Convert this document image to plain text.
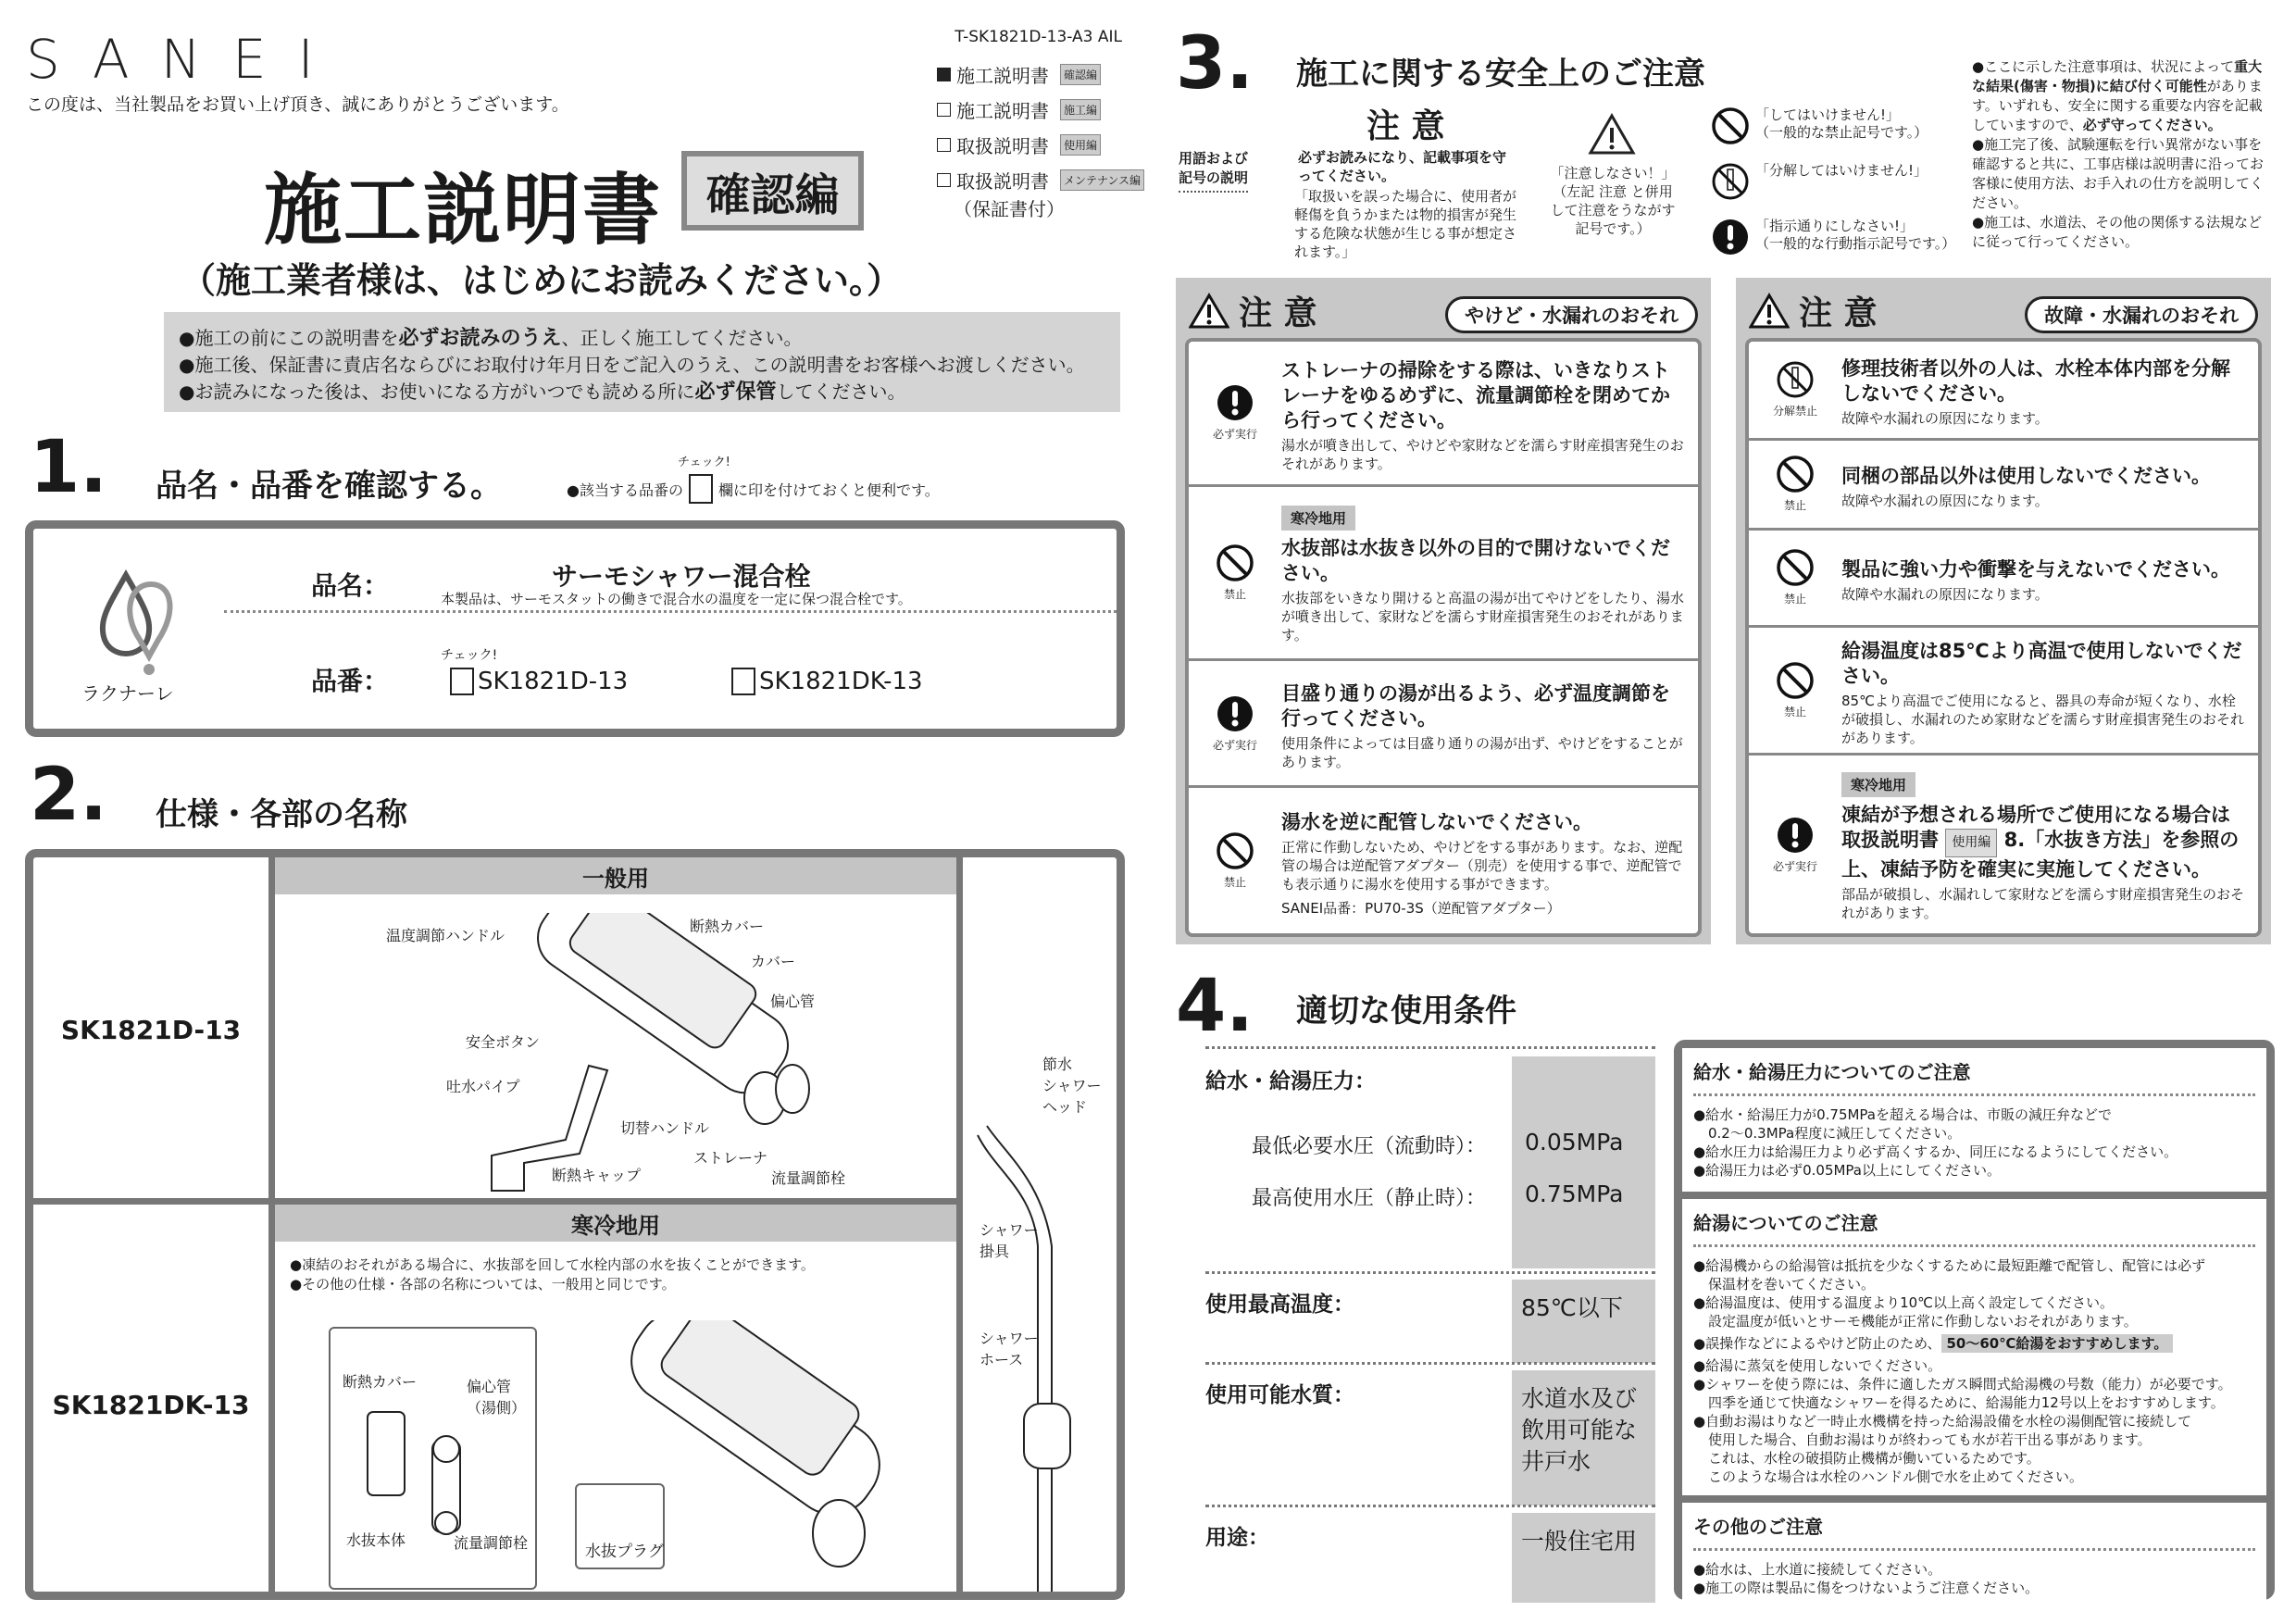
SANEI
この度は、当社製品をお買い上げ頂き、誠にありがとうございます。
T-SK1821D-13-A3 AIL
施工説明書	確認編
施工説明書	施工編
取扱説明書	使用編
取扱説明書	メンテナンス編
（保証書付）
施工説明書 確認編
（施工業者様は、はじめにお読みください。）
●施工の前にこの説明書を必ずお読みのうえ、正しく施工してください。
●施工後、保証書に責店名ならびにお取付け年月日をご記入のうえ、この説明書をお客様へお渡しください。
●お読みになった後は、お使いになる方がいつでも読める所に必ず保管してください。
1. 品名・品番を確認する。	●該当する品番の
チェック!
欄に印を付けておくと便利です。
ラクナーレ
品名：	サーモシャワー混合栓
本製品は、サーモスタットの働きで混合水の温度を一定に保つ混合栓です。
チェック!
品番：	SK1821D-13	SK1821DK-13
2. 仕様・各部の名称
SK1821D-13
SK1821DK-13
一般用
寒冷地用
温度調節ハンドル
断熱カバー
カバー
偏心管
安全ボタン
吐水パイプ
切替ハンドル
ストレーナ
断熱キャップ	流量調節栓
●凍結のおそれがある場合に、水抜部を回して水栓内部の水を抜くことができます。
●その他の仕様・各部の名称については、一般用と同じです。
断熱カバー	偏心管
（湯側）
水抜本体	流量調節栓	水抜プラグ
節水
シャワー
ヘッド
シャワー
掛具
シャワー
ホース
3. 施工に関する安全上のご注意
用語および
記号の説明
注 意
必ずお読みになり、記載事項を守ってください。
「取扱いを誤った場合に、使用者が軽傷を負うかまたは物的損害が発生する危険な状態が生じる事が想定されます。」
「注意しなさい！」
（左記 注意 と併用して注意をうながす記号です。）
「してはいけません!」
（一般的な禁止記号です。）
「分解してはいけません!」
「指示通りにしなさい!」
（一般的な行動指示記号です。）
●ここに示した注意事項は、状況によって重大な結果(傷害・物損)に結び付く可能性があります。いずれも、安全に関する重要な内容を記載していますので、必ず守ってください。
●施工完了後、試験運転を行い異常がない事を確認すると共に、工事店様は説明書に沿ってお客様に使用方法、お手入れの仕方を説明してください。
●施工は、水道法、その他の関係する法規などに従って行ってください。
注 意	やけど・水漏れのおそれ
必ず実行
ストレーナの掃除をする際は、いきなりストレーナをゆるめずに、流量調節栓を閉めてから行ってください。
湯水が噴き出して、やけどや家財などを濡らす財産損害発生のおそれがあります。
禁止
寒冷地用
水抜部は水抜き以外の目的で開けないでください。
水抜部をいきなり開けると高温の湯が出てやけどをしたり、湯水が噴き出して、家財などを濡らす財産損害発生のおそれがあります。
必ず実行
目盛り通りの湯が出るよう、必ず温度調節を行ってください。
使用条件によっては目盛り通りの湯が出ず、やけどをすることがあります。
禁止
湯水を逆に配管しないでください。
正常に作動しないため、やけどをする事があります。なお、逆配管の場合は逆配管アダプター（別売）を使用する事で、逆配管でも表示通りに湯水を使用する事ができます。
SANEI品番：PU70-3S（逆配管アダプター）
注 意	故障・水漏れのおそれ
分解禁止
修理技術者以外の人は、水栓本体内部を分解しないでください。
故障や水漏れの原因になります。
禁止
同梱の部品以外は使用しないでください。
故障や水漏れの原因になります。
禁止
製品に強い力や衝撃を与えないでください。
故障や水漏れの原因になります。
禁止
給湯温度は85℃より高温で使用しないでください。
85℃より高温でご使用になると、器具の寿命が短くなり、水栓が破損し、水漏れのため家財などを濡らす財産損害発生のおそれがあります。
必ず実行
寒冷地用
凍結が予想される場所でご使用になる場合は取扱説明書 使用編 8.「水抜き方法」を参照の上、凍結予防を確実に実施してください。
部品が破損し、水漏れして家財などを濡らす財産損害発生のおそれがあります。
4. 適切な使用条件
給水・給湯圧力：
最低必要水圧（流動時）： 0.05MPa
最高使用水圧（静止時）： 0.75MPa
使用最高温度：	85℃以下
使用可能水質：	水道水及び飲用可能な井戸水
用途：	一般住宅用
給水・給湯圧力についてのご注意
●給水・給湯圧力が0.75MPaを超える場合は、市販の減圧弁などで
0.2～0.3MPa程度に減圧してください。
●給水圧力は給湯圧力より必ず高くするか、同圧になるようにしてください。
●給湯圧力は必ず0.05MPa以上にしてください。
給湯についてのご注意
●給湯機からの給湯管は抵抗を少なくするために最短距離で配管し、配管には必ず
保温材を巻いてください。
●給湯温度は、使用する温度より10℃以上高く設定してください。
設定温度が低いとサーモ機能が正常に作動しないおそれがあります。
●誤操作などによるやけど防止のため、 50～60℃給湯をおすすめします。
●給湯に蒸気を使用しないでください。
●シャワーを使う際には、条件に適したガス瞬間式給湯機の号数（能力）が必要です。
四季を通じて快適なシャワーを得るために、給湯能力12号以上をおすすめします。
●自動お湯はりなど一時止水機構を持った給湯設備を水栓の湯側配管に接続して
使用した場合、自動お湯はりが終わっても水が若干出る事があります。
これは、水栓の破損防止機構が働いているためです。
このような場合は水栓のハンドル側で水を止めてください。
その他のご注意
●給水は、上水道に接続してください。
●施工の際は製品に傷をつけないようご注意ください。
